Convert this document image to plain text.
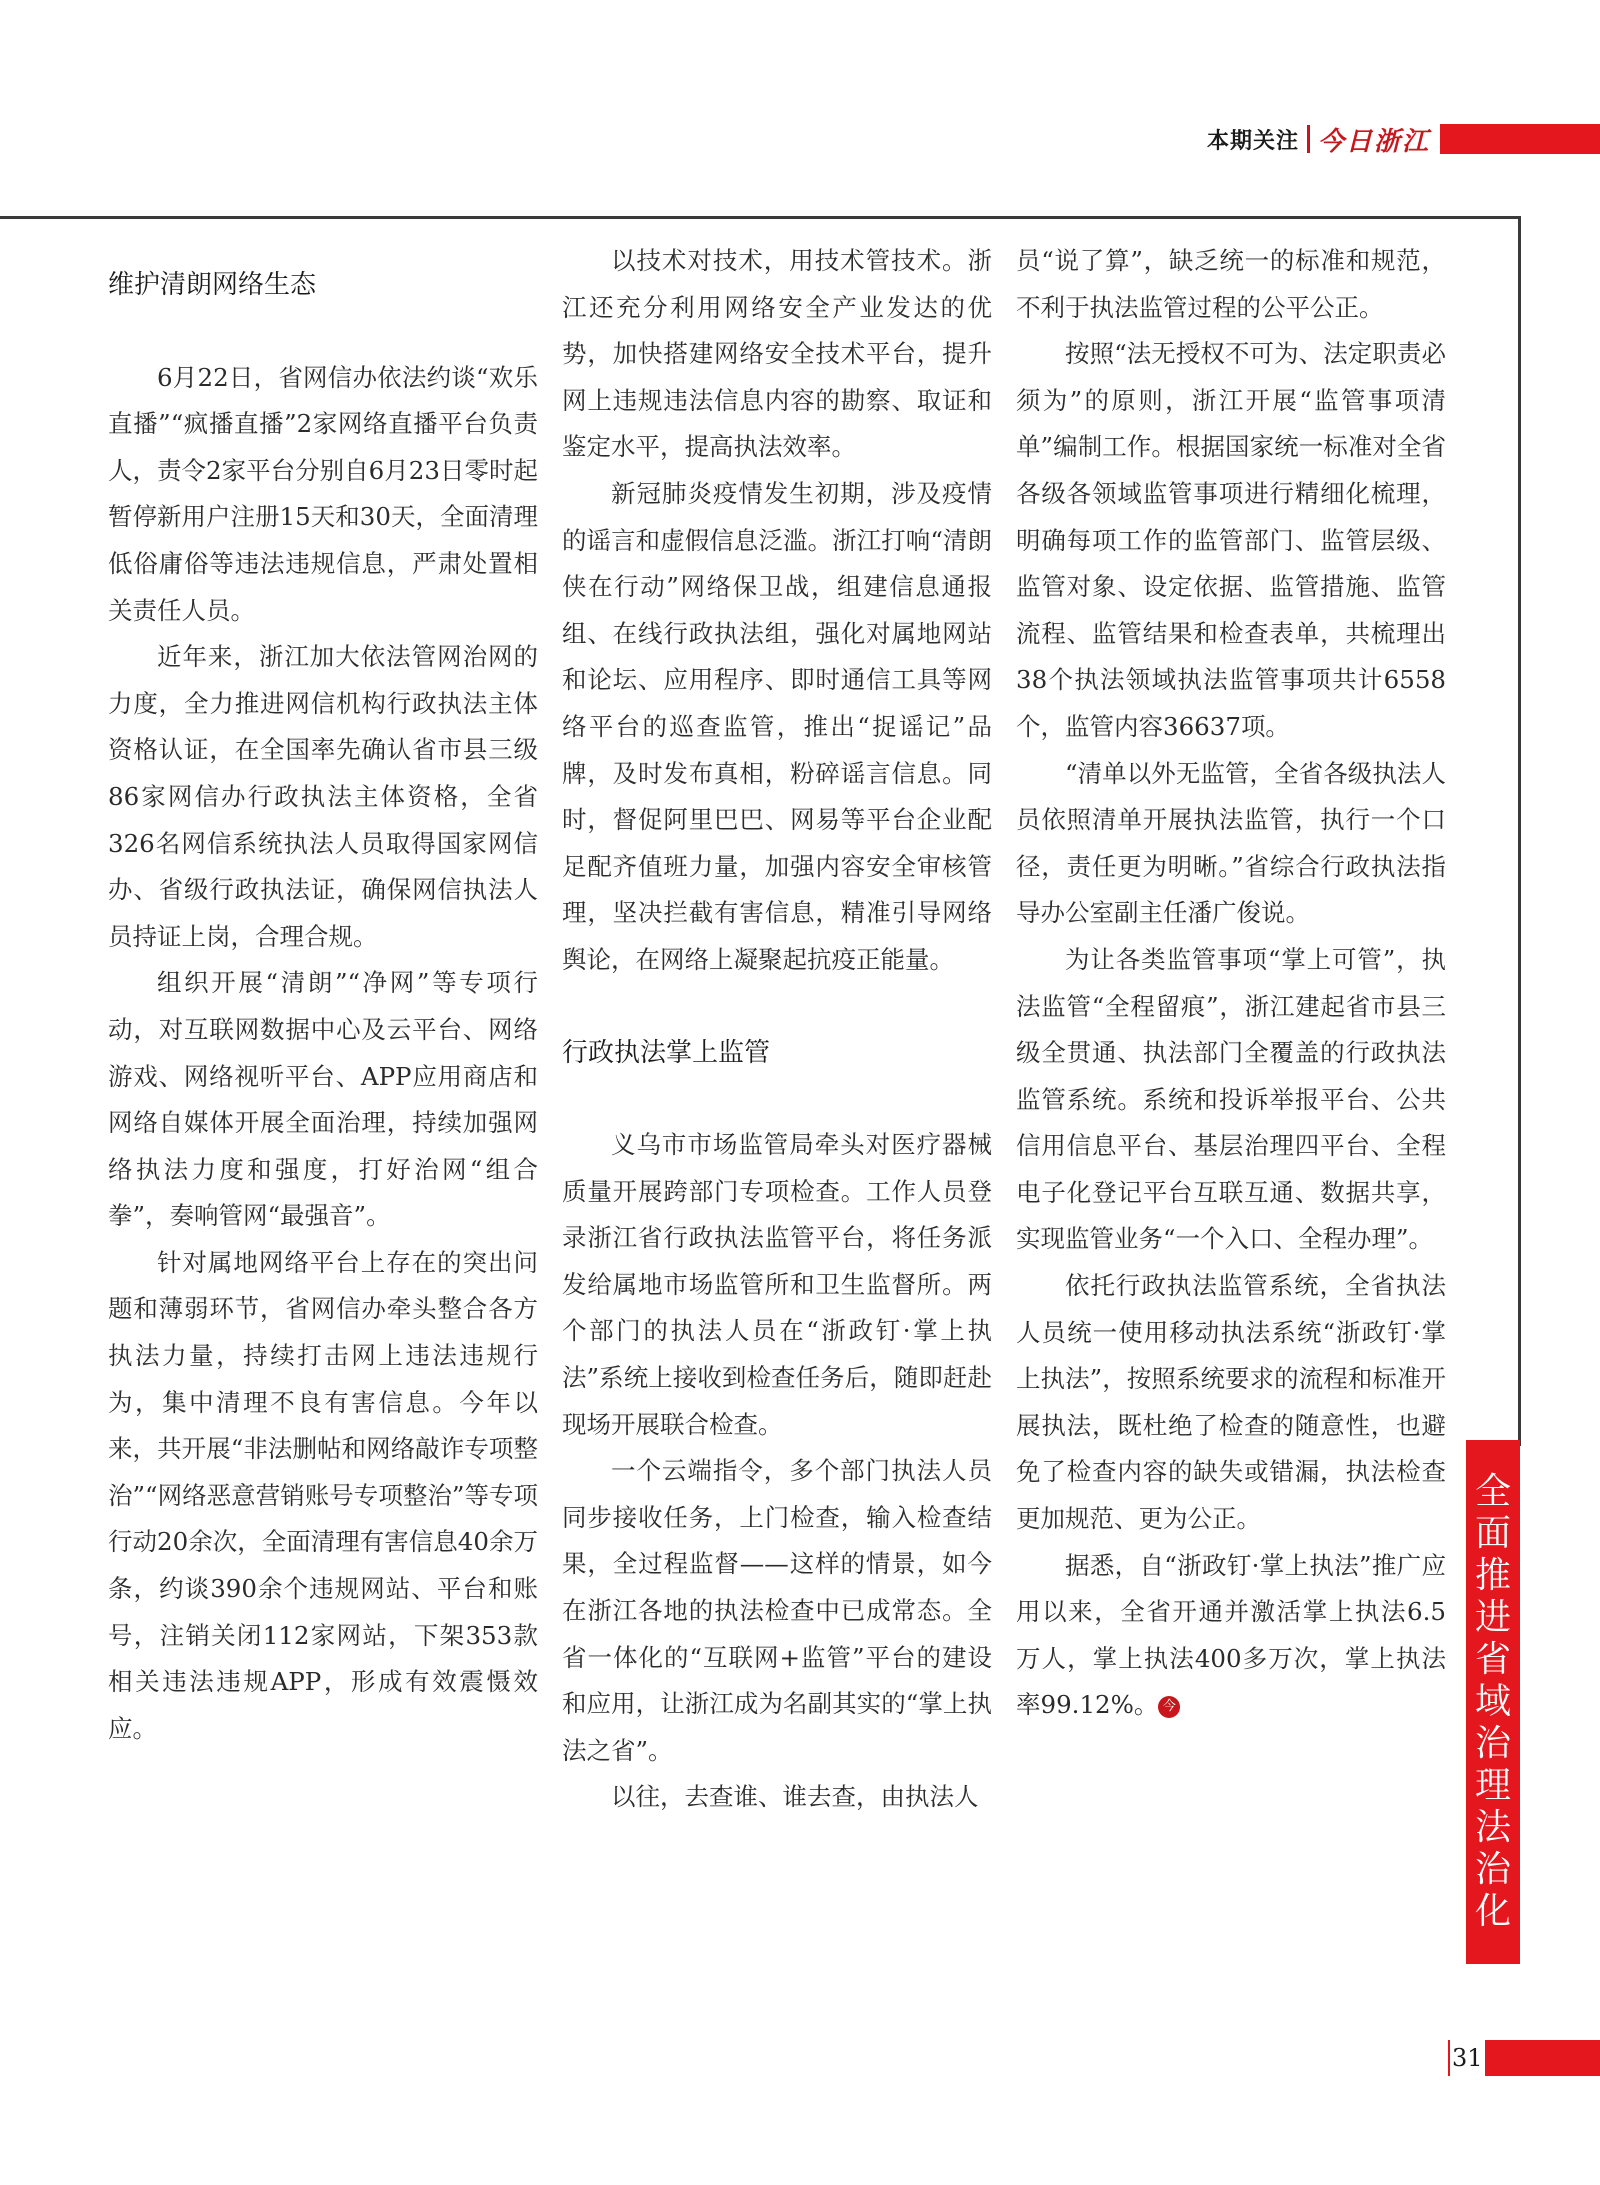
本期关注 今日浙江
维护清朗网络生态

6月22日，省网信办依法约谈“欢乐直播”“疯播直播”2家网络直播平台负责人，责令2家平台分别自6月23日零时起暂停新用户注册15天和30天，全面清理低俗庸俗等违法违规信息，严肃处置相关责任人员。

近年来，浙江加大依法管网治网的力度，全力推进网信机构行政执法主体资格认证，在全国率先确认省市县三级86家网信办行政执法主体资格，全省326名网信系统执法人员取得国家网信办、省级行政执法证，确保网信执法人员持证上岗，合理合规。

组织开展“清朗”“净网”等专项行动，对互联网数据中心及云平台、网络游戏、网络视听平台、APP应用商店和网络自媒体开展全面治理，持续加强网络执法力度和强度，打好治网“组合拳”，奏响管网“最强音”。

针对属地网络平台上存在的突出问题和薄弱环节，省网信办牵头整合各方执法力量，持续打击网上违法违规行为，集中清理不良有害信息。今年以来，共开展“非法删帖和网络敲诈专项整治”“网络恶意营销账号专项整治”等专项行动20余次，全面清理有害信息40余万条，约谈390余个违规网站、平台和账号，注销关闭112家网站，下架353款相关违法违规APP，形成有效震慑效应。

以技术对技术，用技术管技术。浙江还充分利用网络安全产业发达的优势，加快搭建网络安全技术平台，提升网上违规违法信息内容的勘察、取证和鉴定水平，提高执法效率。

新冠肺炎疫情发生初期，涉及疫情的谣言和虚假信息泛滥。浙江打响“清朗侠在行动”网络保卫战，组建信息通报组、在线行政执法组，强化对属地网站和论坛、应用程序、即时通信工具等网络平台的巡查监管，推出“捉谣记”品牌，及时发布真相，粉碎谣言信息。同时，督促阿里巴巴、网易等平台企业配足配齐值班力量，加强内容安全审核管理，坚决拦截有害信息，精准引导网络舆论，在网络上凝聚起抗疫正能量。

行政执法掌上监管

义乌市市场监管局牵头对医疗器械质量开展跨部门专项检查。工作人员登录浙江省行政执法监管平台，将任务派发给属地市场监管所和卫生监督所。两个部门的执法人员在“浙政钉·掌上执法”系统上接收到检查任务后，随即赶赴现场开展联合检查。

一个云端指令，多个部门执法人员同步接收任务，上门检查，输入检查结果，全过程监督——这样的情景，如今在浙江各地的执法检查中已成常态。全省一体化的“互联网+监管”平台的建设和应用，让浙江成为名副其实的“掌上执法之省”。

以往，去查谁、谁去查，由执法人

员“说了算”，缺乏统一的标准和规范，不利于执法监管过程的公平公正。

按照“法无授权不可为、法定职责必须为”的原则，浙江开展“监管事项清单”编制工作。根据国家统一标准对全省各级各领域监管事项进行精细化梳理，明确每项工作的监管部门、监管层级、监管对象、设定依据、监管措施、监管流程、监管结果和检查表单，共梳理出38个执法领域执法监管事项共计6558个，监管内容36637项。

“清单以外无监管，全省各级执法人员依照清单开展执法监管，执行一个口径，责任更为明晰。”省综合行政执法指导办公室副主任潘广俊说。

为让各类监管事项“掌上可管”，执法监管“全程留痕”，浙江建起省市县三级全贯通、执法部门全覆盖的行政执法监管系统。系统和投诉举报平台、公共信用信息平台、基层治理四平台、全程电子化登记平台互联互通、数据共享，实现监管业务“一个入口、全程办理”。

依托行政执法监管系统，全省执法人员统一使用移动执法系统“浙政钉·掌上执法”，按照系统要求的流程和标准开展执法，既杜绝了检查的随意性，也避免了检查内容的缺失或错漏，执法检查更加规范、更为公正。

据悉，自“浙政钉·掌上执法”推广应用以来，全省开通并激活掌上执法6.5万人，掌上执法400多万次，掌上执法率99.12%。 今

全
面
推
进
省
域
治
理
法
治
化
31
